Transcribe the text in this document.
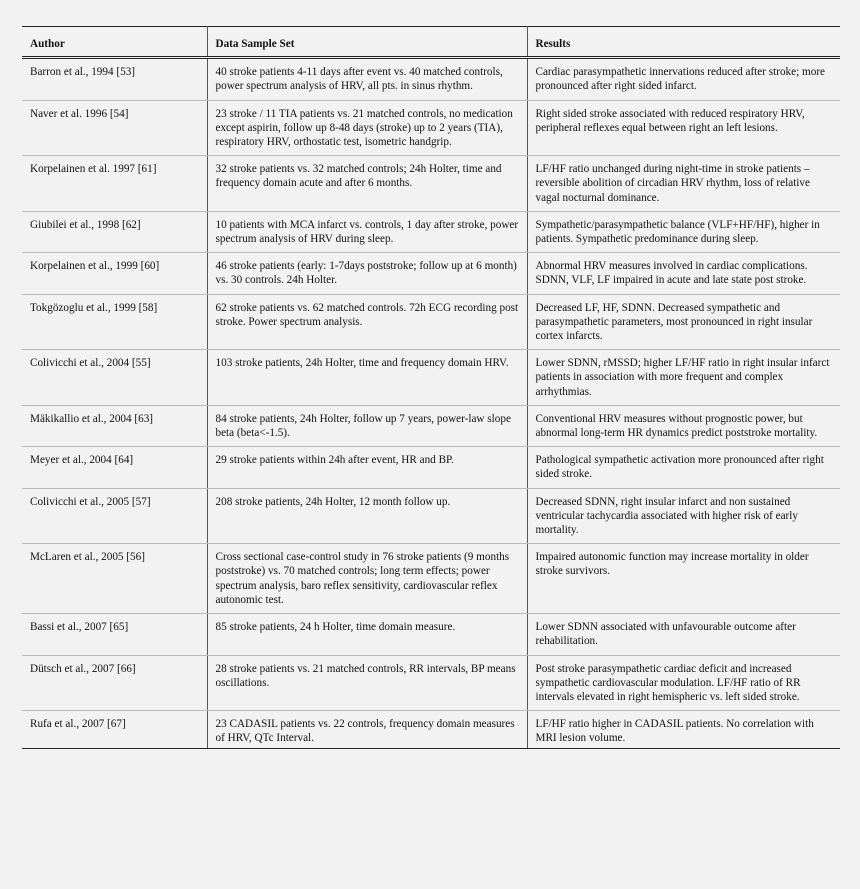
Author	Data Sample Set	Results
Barron et al., 1994 [53]	40 stroke patients 4-11 days after event vs. 40 matched controls, power spectrum analysis of HRV, all pts. in sinus rhythm.	Cardiac parasympathetic innervations reduced after stroke; more pronounced after right sided infarct.
Naver et al. 1996 [54]	23 stroke / 11 TIA patients vs. 21 matched controls, no medication except aspirin, follow up 8-48 days (stroke) up to 2 years (TIA), respiratory HRV, orthostatic test, isometric handgrip.	Right sided stroke associated with reduced respiratory HRV, peripheral reflexes equal between right an left lesions.
Korpelainen et al. 1997 [61]	32 stroke patients vs. 32 matched controls; 24h Holter, time and frequency domain acute and after 6 months.	LF/HF ratio unchanged during night-time in stroke patients – reversible abolition of circadian HRV rhythm, loss of relative vagal nocturnal dominance.
Giubilei et al., 1998 [62]	10 patients with MCA infarct vs. controls, 1 day after stroke, power spectrum analysis of HRV during sleep.	Sympathetic/parasympathetic balance (VLF+HF/HF), higher in patients. Sympathetic predominance during sleep.
Korpelainen et al., 1999 [60]	46 stroke patients (early: 1-7days poststroke; follow up at 6 month) vs. 30 controls. 24h Holter.	Abnormal HRV measures involved in cardiac complications. SDNN, VLF, LF impaired in acute and late state post stroke.
Tokgözoglu et al., 1999 [58]	62 stroke patients vs. 62 matched controls. 72h ECG recording post stroke. Power spectrum analysis.	Decreased LF, HF, SDNN. Decreased sympathetic and parasympathetic parameters, most pronounced in right insular cortex infarcts.
Colivicchi et al., 2004 [55]	103 stroke patients, 24h Holter, time and frequency domain HRV.	Lower SDNN, rMSSD; higher LF/HF ratio in right insular infarct patients in association with more frequent and complex arrhythmias.
Mäkikallio et al., 2004 [63]	84 stroke patients, 24h Holter, follow up 7 years, power-law slope beta (beta<-1.5).	Conventional HRV measures without prognostic power, but abnormal long-term HR dynamics predict poststroke mortality.
Meyer et al., 2004 [64]	29 stroke patients within 24h after event, HR and BP.	Pathological sympathetic activation more pronounced after right sided stroke.
Colivicchi et al., 2005 [57]	208 stroke patients, 24h Holter, 12 month follow up.	Decreased SDNN, right insular infarct and non sustained ventricular tachycardia associated with higher risk of early mortality.
McLaren et al., 2005 [56]	Cross sectional case-control study in 76 stroke patients (9 months poststroke) vs. 70 matched controls; long term effects; power spectrum analysis, baro reflex sensitivity, cardiovascular reflex autonomic test.	Impaired autonomic function may increase mortality in older stroke survivors.
Bassi et al., 2007 [65]	85 stroke patients, 24 h Holter, time domain measure.	Lower SDNN associated with unfavourable outcome after rehabilitation.
Dütsch et al., 2007 [66]	28 stroke patients vs. 21 matched controls, RR intervals, BP means oscillations.	Post stroke parasympathetic cardiac deficit and increased sympathetic cardiovascular modulation. LF/HF ratio of RR intervals elevated in right hemispheric vs. left sided stroke.
Rufa et al., 2007 [67]	23 CADASIL patients vs. 22 controls, frequency domain measures of HRV, QTc Interval.	LF/HF ratio higher in CADASIL patients. No correlation with MRI lesion volume.
